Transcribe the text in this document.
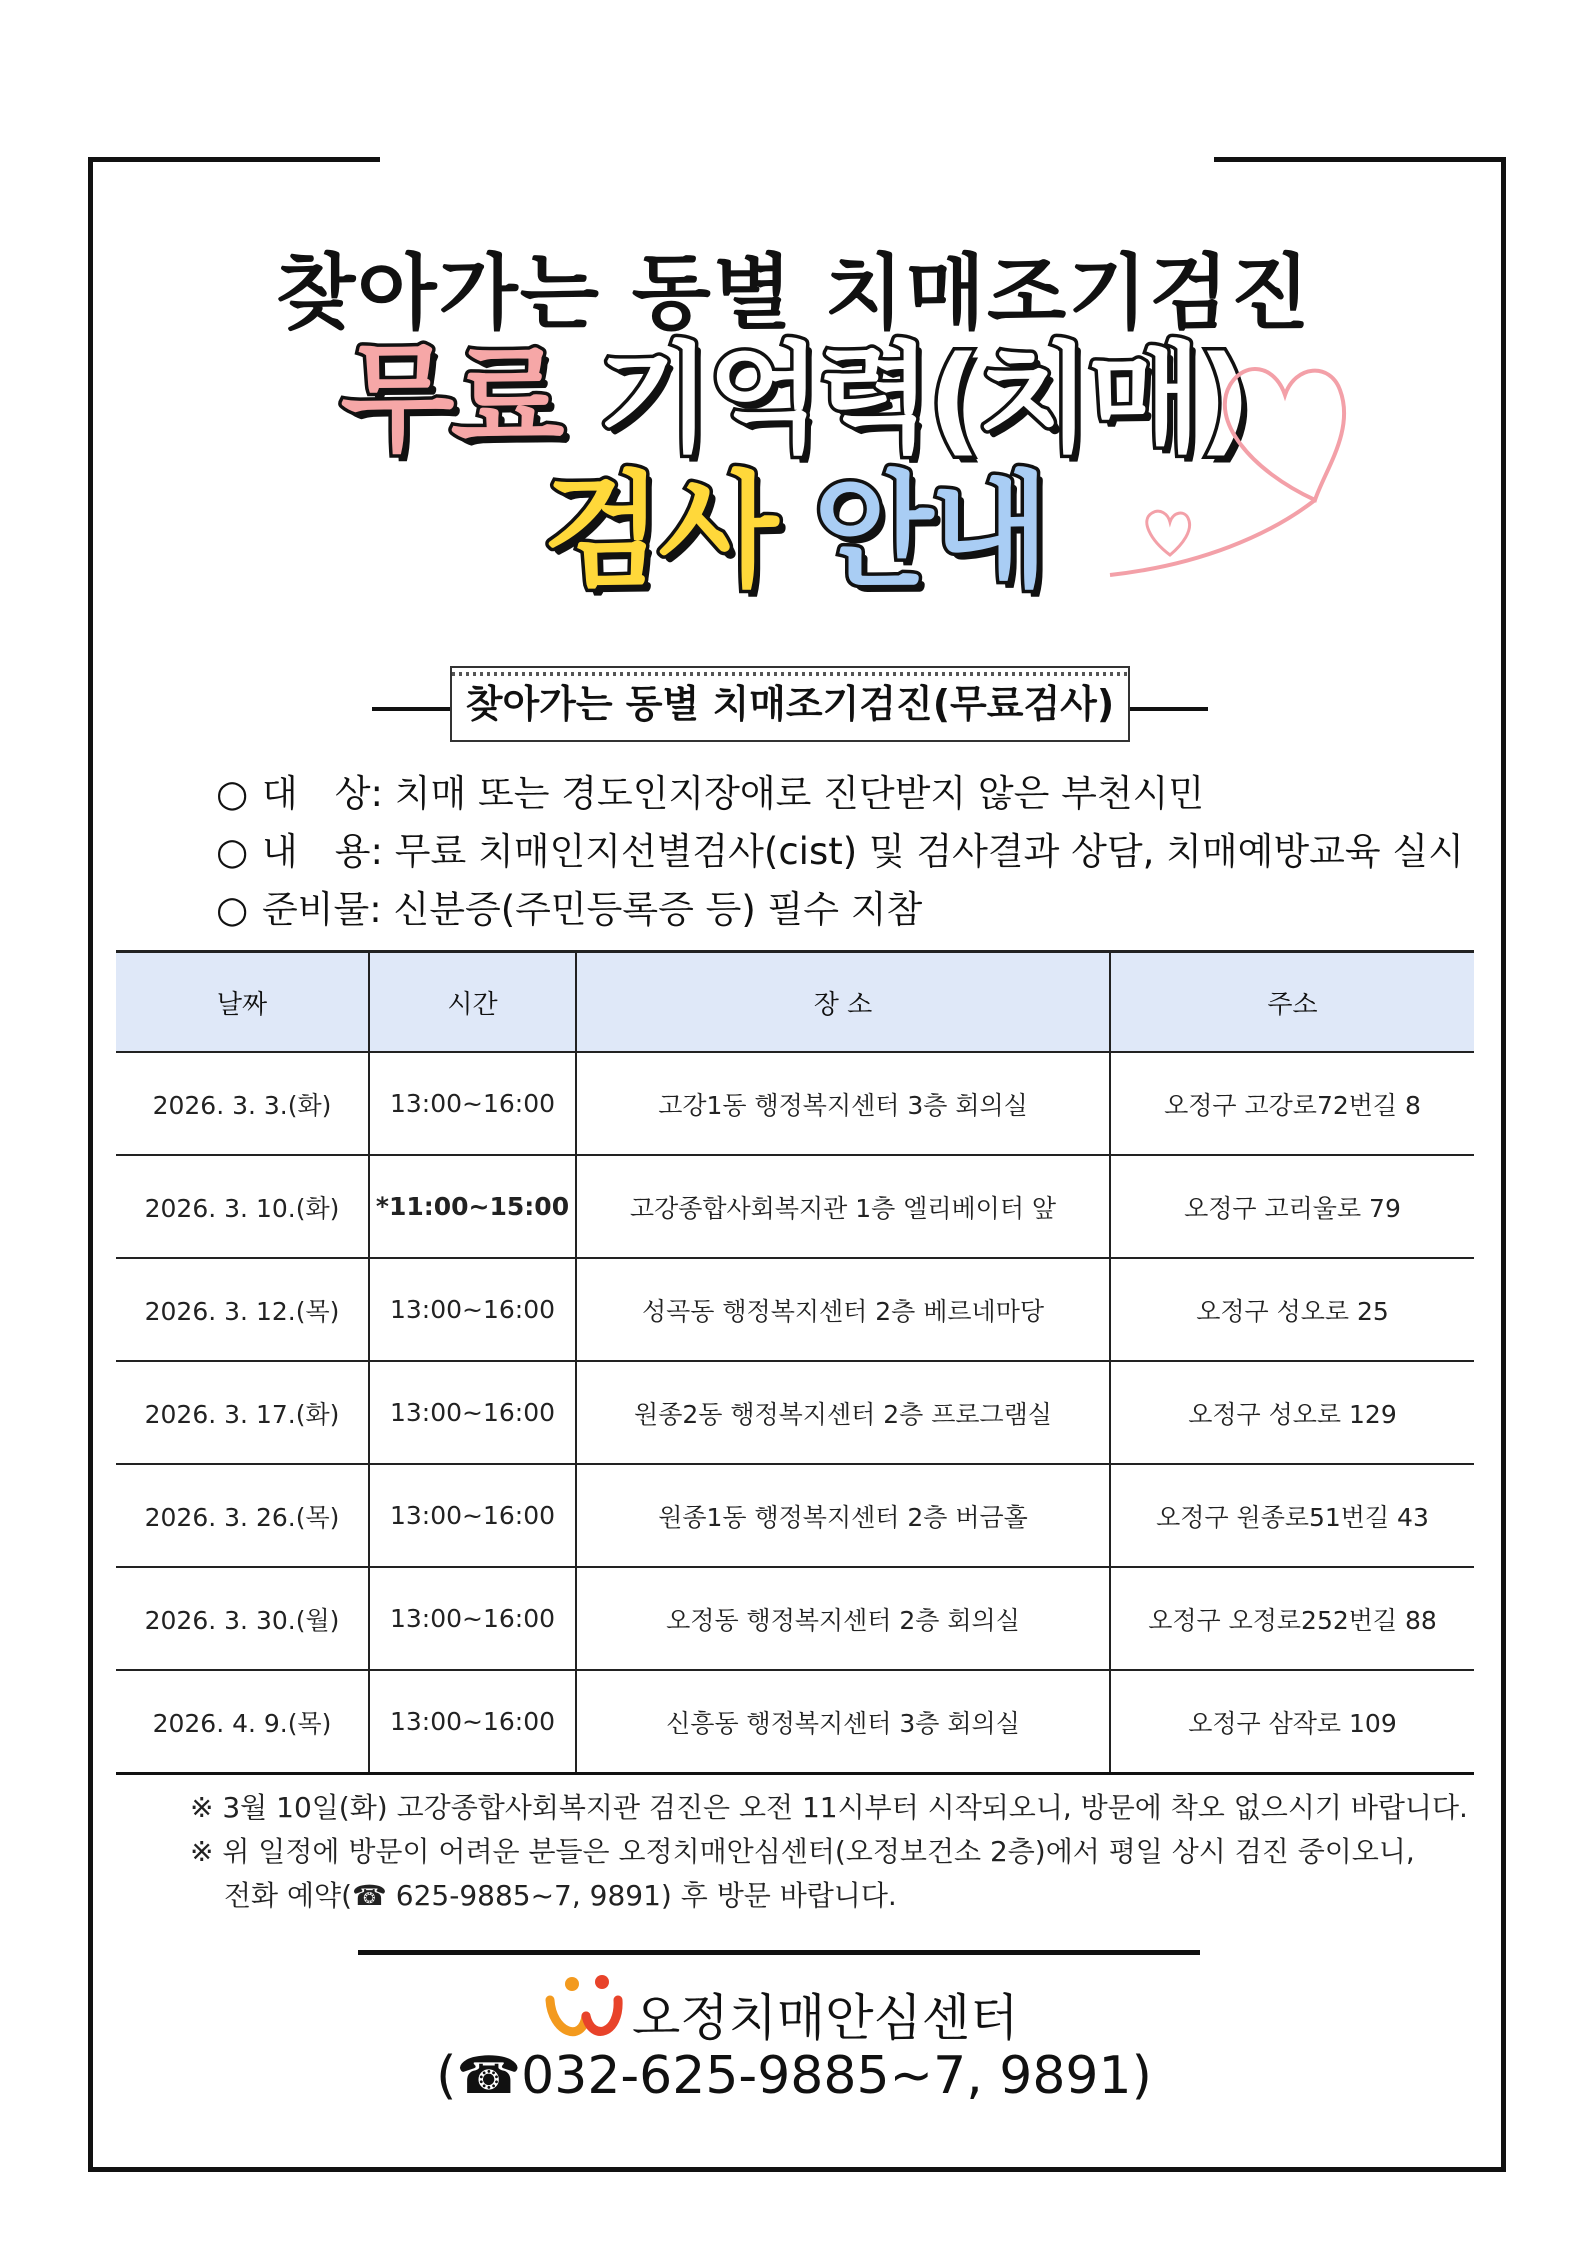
찾아가는 동별 치매조기검진
무료 기억력(치매)
검사 안내
찾아가는 동별 치매조기검진(무료검사)
○ 대　상:
치매 또는 경도인지장애로 진단받지 않은 부천시민
○ 내　용:
무료 치매인지선별검사(cist) 및 검사결과 상담, 치매예방교육 실시
○ 준비물:
신분증(주민등록증 등) 필수 지참
날짜	시간	장 소	주소
2026. 3. 3.(화)	13:00~16:00	고강1동 행정복지센터 3층 회의실	오정구 고강로72번길 8
2026. 3. 10.(화)	*11:00~15:00	고강종합사회복지관 1층 엘리베이터 앞	오정구 고리울로 79
2026. 3. 12.(목)	13:00~16:00	성곡동 행정복지센터 2층 베르네마당	오정구 성오로 25
2026. 3. 17.(화)	13:00~16:00	원종2동 행정복지센터 2층 프로그램실	오정구 성오로 129
2026. 3. 26.(목)	13:00~16:00	원종1동 행정복지센터 2층 버금홀	오정구 원종로51번길 43
2026. 3. 30.(월)	13:00~16:00	오정동 행정복지센터 2층 회의실	오정구 오정로252번길 88
2026. 4. 9.(목)	13:00~16:00	신흥동 행정복지센터 3층 회의실	오정구 삼작로 109
※ 3월 10일(화) 고강종합사회복지관 검진은 오전 11시부터 시작되오니, 방문에 착오 없으시기 바랍니다.
※ 위 일정에 방문이 어려운 분들은 오정치매안심센터(오정보건소 2층)에서 평일 상시 검진 중이오니,
전화 예약(☎ 625-9885~7, 9891) 후 방문 바랍니다.
오정치매안심센터
(☎032-625-9885~7, 9891)
